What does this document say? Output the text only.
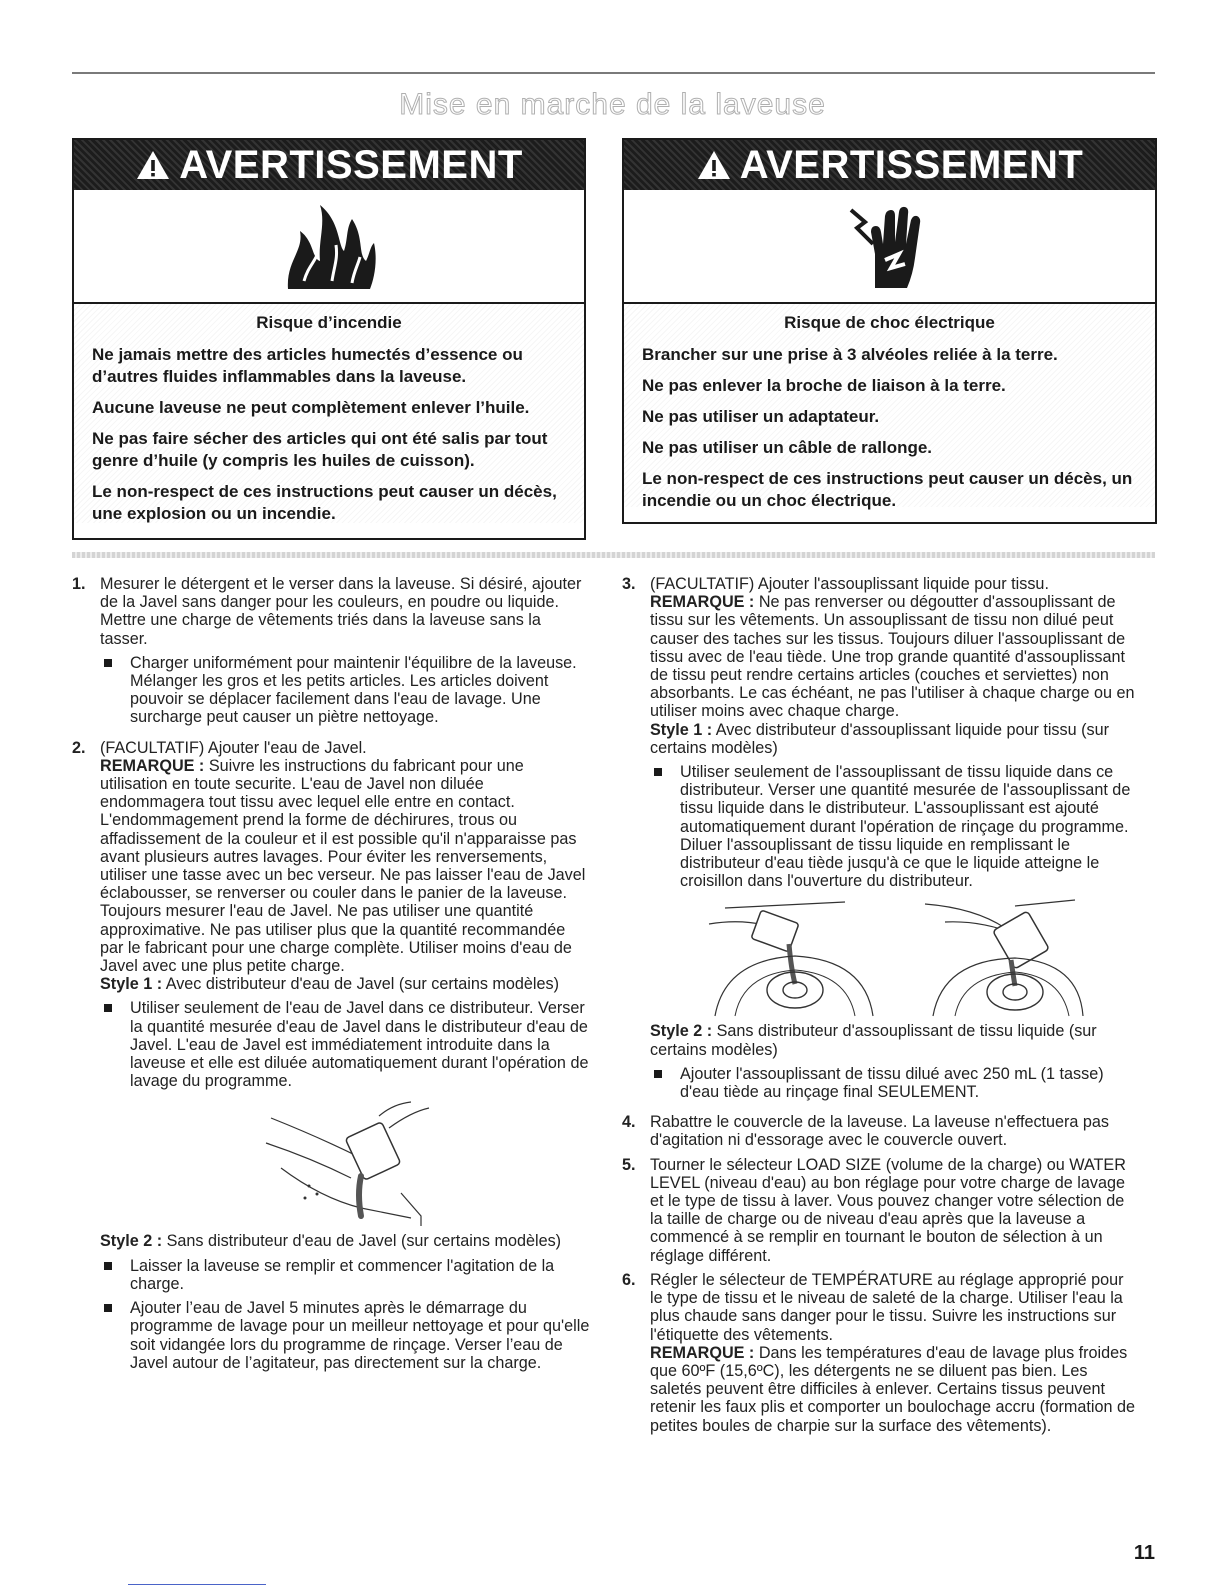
Mise en marche de la laveuse
AVERTISSEMENT
Risque d’incendie

Ne jamais mettre des articles humectés d’essence ou d’autres fluides inflammables dans la laveuse.

Aucune laveuse ne peut complètement enlever l’huile.

Ne pas faire sécher des articles qui ont été salis par tout genre d’huile (y compris les huiles de cuisson).

Le non-respect de ces instructions peut causer un décès, une explosion ou un incendie.

AVERTISSEMENT
Risque de choc électrique

Brancher sur une prise à 3 alvéoles reliée à la terre.

Ne pas enlever la broche de liaison à la terre.

Ne pas utiliser un adaptateur.

Ne pas utiliser un câble de rallonge.

Le non-respect de ces instructions peut causer un décès, un incendie ou un choc électrique.

1. Mesurer le détergent et le verser dans la laveuse. Si désiré, ajouter de la Javel sans danger pour les couleurs, en poudre ou liquide. Mettre une charge de vêtements triés dans la laveuse sans la tasser.

Charger uniformément pour maintenir l'équilibre de la laveuse. Mélanger les gros et les petits articles. Les articles doivent pouvoir se déplacer facilement dans l'eau de lavage. Une surcharge peut causer un piètre nettoyage.
2. (FACULTATIF) Ajouter l'eau de Javel.

REMARQUE : Suivre les instructions du fabricant pour une utilisation en toute securite. L'eau de Javel non diluée endommagera tout tissu avec lequel elle entre en contact. L'endommagement prend la forme de déchirures, trous ou affadissement de la couleur et il est possible qu'il n'apparaisse pas avant plusieurs autres lavages. Pour éviter les renversements, utiliser une tasse avec un bec verseur. Ne pas laisser l'eau de Javel éclabousser, se renverser ou couler dans le panier de la laveuse. Toujours mesurer l'eau de Javel. Ne pas utiliser une quantité approximative. Ne pas utiliser plus que la quantité recommandée par le fabricant pour une charge complète. Utiliser moins d'eau de Javel avec une plus petite charge.

Style 1 : Avec distributeur d'eau de Javel (sur certains modèles)

Utiliser seulement de l'eau de Javel dans ce distributeur. Verser la quantité mesurée d'eau de Javel dans le distributeur d'eau de Javel. L'eau de Javel est immédiatement introduite dans la laveuse et elle est diluée automatiquement durant l'opération de lavage du programme.

Style 2 : Sans distributeur d'eau de Javel (sur certains modèles)

Laisser la laveuse se remplir et commencer l'agitation de la charge.
Ajouter l’eau de Javel 5 minutes après le démarrage du programme de lavage pour un meilleur nettoyage et pour qu'elle soit vidangée lors du programme de rinçage. Verser l’eau de Javel autour de l’agitateur, pas directement sur la charge.
3. (FACULTATIF) Ajouter l'assouplissant liquide pour tissu.

REMARQUE : Ne pas renverser ou dégoutter d'assouplissant de tissu sur les vêtements. Un assouplissant de tissu non dilué peut causer des taches sur les tissus. Toujours diluer l'assouplissant de tissu avec de l'eau tiède. Une trop grande quantité d'assouplissant de tissu peut rendre certains articles (couches et serviettes) non absorbants. Le cas échéant, ne pas l'utiliser à chaque charge ou en utiliser moins avec chaque charge.

Style 1 : Avec distributeur d'assouplissant liquide pour tissu (sur certains modèles)

Utiliser seulement de l'assouplissant de tissu liquide dans ce distributeur. Verser une quantité mesurée de l'assouplissant de tissu liquide dans le distributeur. L'assouplissant est ajouté automatiquement durant l'opération de rinçage du programme. Diluer l'assouplissant de tissu liquide en remplissant le distributeur d'eau tiède jusqu'à ce que le liquide atteigne le croisillon dans l'ouverture du distributeur.

Style 2 : Sans distributeur d'assouplissant de tissu liquide (sur certains modèles)

Ajouter l'assouplissant de tissu dilué avec 250 mL (1 tasse) d'eau tiède au rinçage final SEULEMENT.
4. Rabattre le couvercle de la laveuse. La laveuse n'effectuera pas d'agitation ni d'essorage avec le couvercle ouvert.

5. Tourner le sélecteur LOAD SIZE (volume de la charge) ou WATER LEVEL (niveau d'eau) au bon réglage pour votre charge de lavage et le type de tissu à laver. Vous pouvez changer votre sélection de la taille de charge ou de niveau d'eau après que la laveuse a commencé à se remplir en tournant le bouton de sélection à un réglage différent.

6. Régler le sélecteur de TEMPÉRATURE au réglage approprié pour le type de tissu et le niveau de saleté de la charge. Utiliser l'eau la plus chaude sans danger pour le tissu. Suivre les instructions sur l'étiquette des vêtements.

REMARQUE : Dans les températures d'eau de lavage plus froides que 60ºF (15,6ºC), les détergents ne se diluent pas bien. Les saletés peuvent être difficiles à enlever. Certains tissus peuvent retenir les faux plis et comporter un boulochage accru (formation de petites boules de charpie sur la surface des vêtements).

11
